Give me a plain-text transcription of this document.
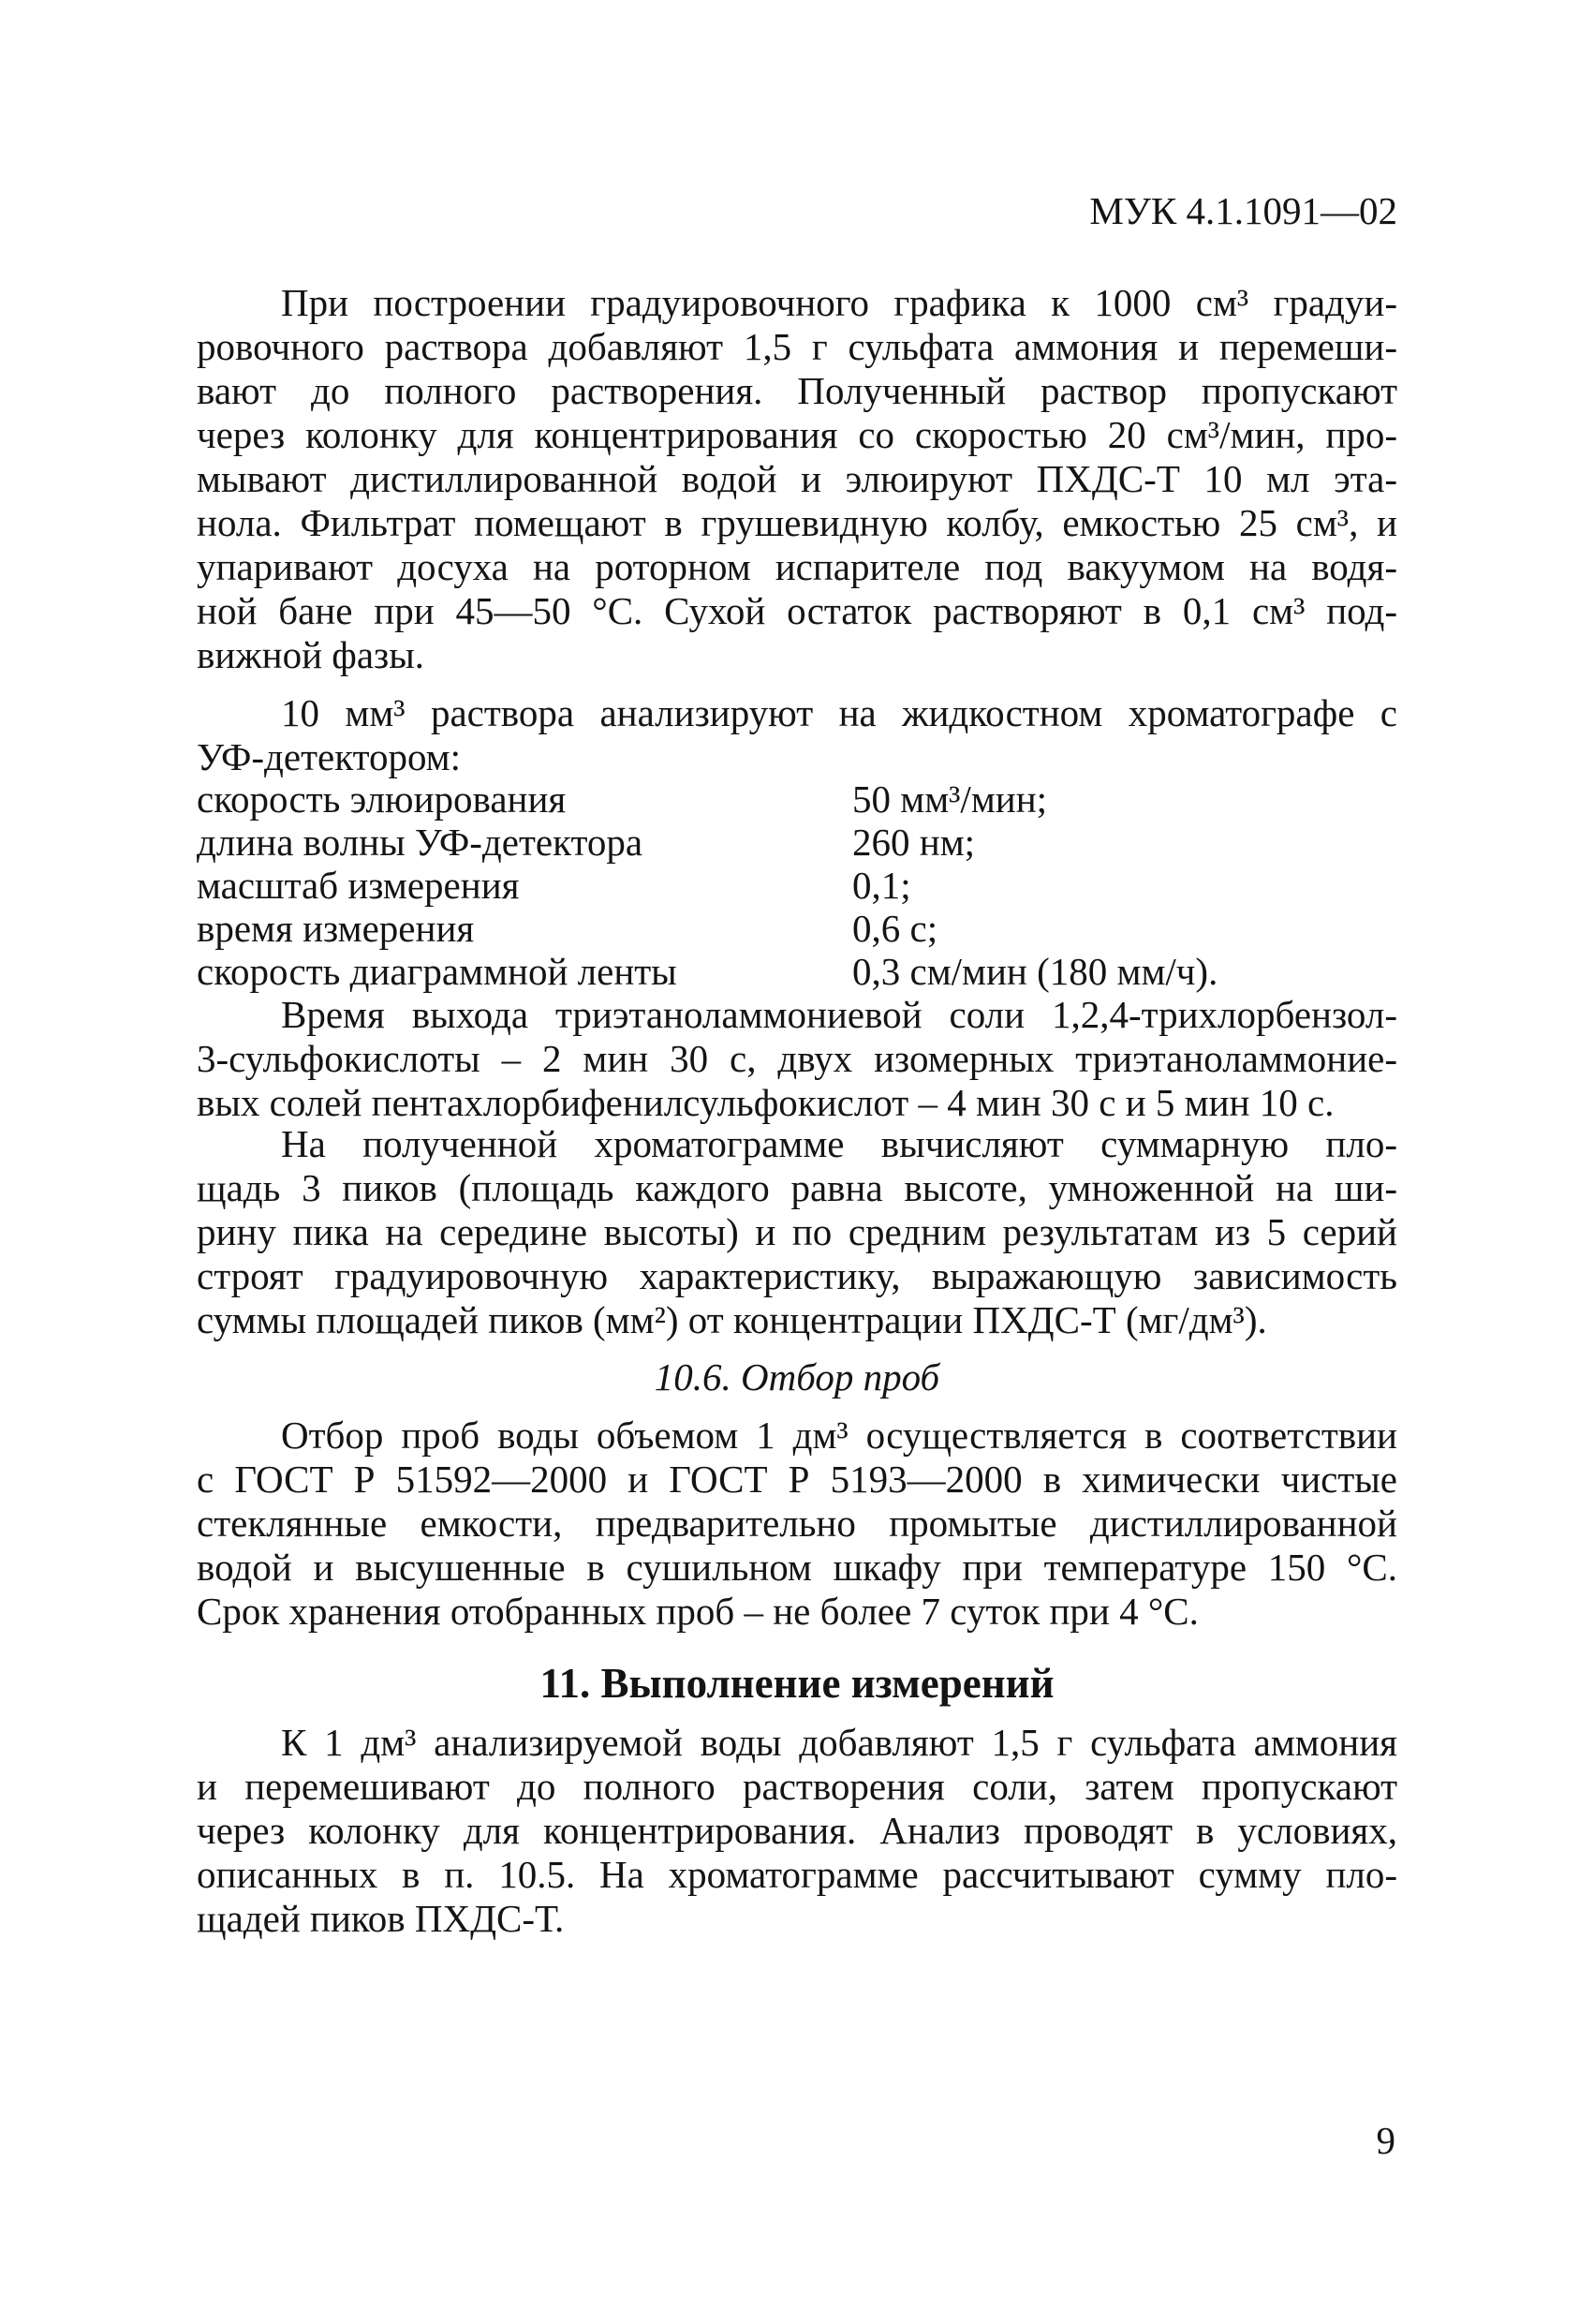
МУК 4.1.1091—02
При построении градуировочного графика к 1000 см³ градуи-
ровочного раствора добавляют 1,5 г сульфата аммония и перемеши-
вают до полного растворения. Полученный раствор пропускают
через колонку для концентрирования со скоростью 20 см³/мин, про-
мывают дистиллированной водой и элюируют ПХДС-Т 10 мл эта-
нола. Фильтрат помещают в грушевидную колбу, емкостью 25 см³, и
упаривают досуха на роторном испарителе под вакуумом на водя-
ной бане при 45—50 °С. Сухой остаток растворяют в 0,1 см³ под-
вижной фазы.
10 мм³ раствора анализируют на жидкостном хроматографе с
УФ-детектором:
скорость элюирования	50 мм³/мин;
длина волны УФ-детектора	260 нм;
масштаб измерения	0,1;
время измерения	0,6 с;
скорость диаграммной ленты	0,3 см/мин (180 мм/ч).
Время выхода триэтаноламмониевой соли 1,2,4-трихлорбензол-
3-сульфокислоты – 2 мин 30 с, двух изомерных триэтаноламмоние-
вых солей пентахлорбифенилсульфокислот – 4 мин 30 с и 5 мин 10 с.
На полученной хроматограмме вычисляют суммарную пло-
щадь 3 пиков (площадь каждого равна высоте, умноженной на ши-
рину пика на середине высоты) и по средним результатам из 5 серий
строят градуировочную характеристику, выражающую зависимость
суммы площадей пиков (мм²) от концентрации ПХДС-Т (мг/дм³).
10.6. Отбор проб
Отбор проб воды объемом 1 дм³ осуществляется в соответствии
с ГОСТ Р 51592—2000 и ГОСТ Р 5193—2000 в химически чистые
стеклянные емкости, предварительно промытые дистиллированной
водой и высушенные в сушильном шкафу при температуре 150 °С.
Срок хранения отобранных проб – не более 7 суток при 4 °С.
11. Выполнение измерений
К 1 дм³ анализируемой воды добавляют 1,5 г сульфата аммония
и перемешивают до полного растворения соли, затем пропускают
через колонку для концентрирования. Анализ проводят в условиях,
описанных в п. 10.5. На хроматограмме рассчитывают сумму пло-
щадей пиков ПХДС-Т.
9
